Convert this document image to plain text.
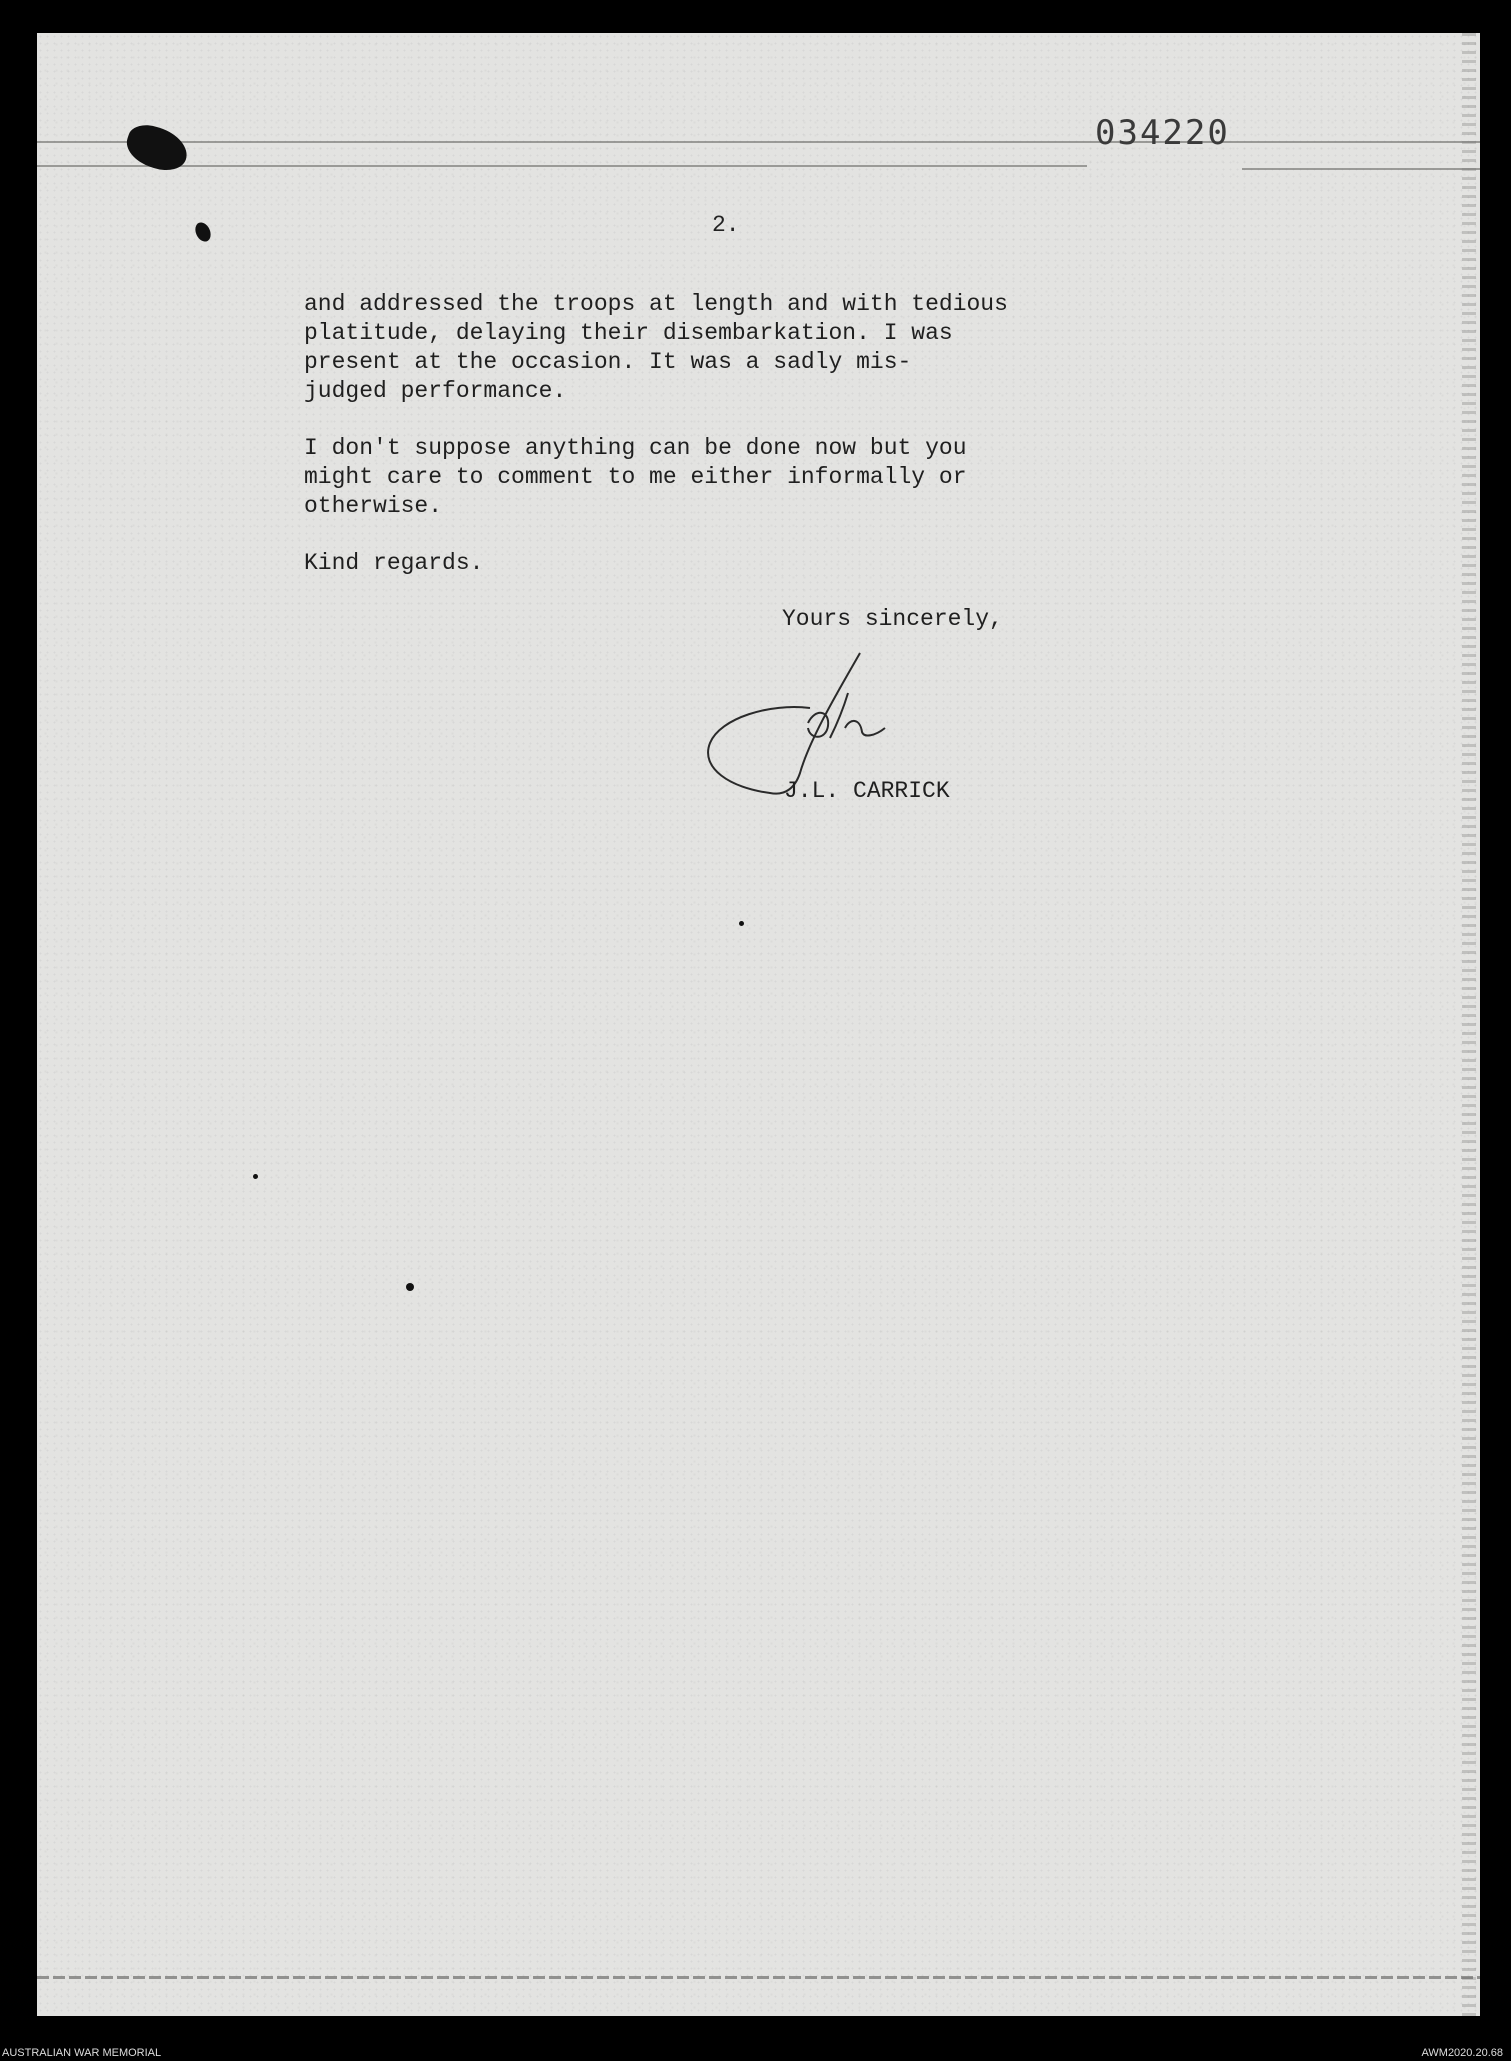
034220
2.

and addressed the troops at length and with tedious
platitude, delaying their disembarkation. I was
present at the occasion. It was a sadly mis-
judged performance.

I don't suppose anything can be done now but you
might care to comment to me either informally or
otherwise.

Kind regards.

Yours sincerely,
J.L. CARRICK
AUSTRALIAN WAR MEMORIAL	AWM2020.20.68
